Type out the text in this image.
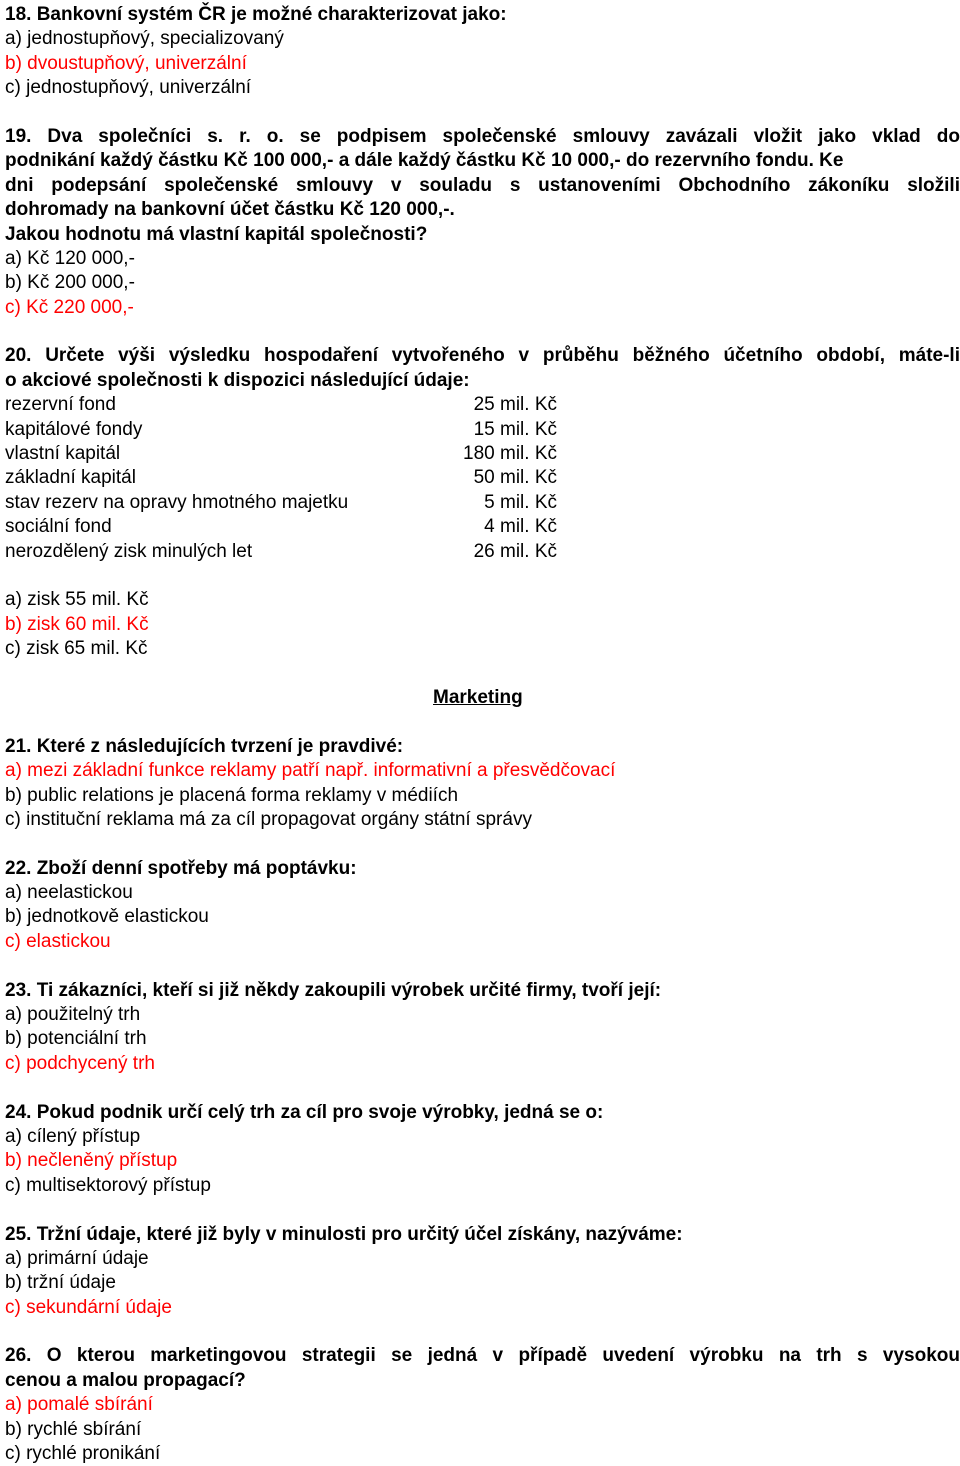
18. Bankovní systém ČR je možné charakterizovat jako:
a) jednostupňový, specializovaný
b) dvoustupňový, univerzální
c) jednostupňový, univerzální
19. Dva společníci s. r. o. se podpisem společenské smlouvy zavázali vložit jako vklad do
podnikání každý částku Kč 100 000,- a dále každý částku Kč 10 000,- do rezervního fondu. Ke
dni podepsání společenské smlouvy v souladu s ustanoveními Obchodního zákoníku složili
dohromady na bankovní účet částku Kč 120 000,-.
Jakou hodnotu má vlastní kapitál společnosti?
a) Kč 120 000,-
b) Kč 200 000,-
c) Kč 220 000,-
20. Určete výši výsledku hospodaření vytvořeného v průběhu běžného účetního období, máte-li
o akciové společnosti k dispozici následující údaje:
rezervní fond	25 mil. Kč
kapitálové fondy	15 mil. Kč
vlastní kapitál	180 mil. Kč
základní kapitál	50 mil. Kč
stav rezerv na opravy hmotného majetku	5 mil. Kč
sociální fond	4 mil. Kč
nerozdělený zisk minulých let	26 mil. Kč
a) zisk 55 mil. Kč
b) zisk 60 mil. Kč
c) zisk 65 mil. Kč
Marketing
21. Které z následujících tvrzení je pravdivé:
a) mezi základní funkce reklamy patří např. informativní a přesvědčovací
b) public relations je placená forma reklamy v médiích
c) instituční reklama má za cíl propagovat orgány státní správy
22. Zboží denní spotřeby má poptávku:
a) neelastickou
b) jednotkově elastickou
c) elastickou
23. Ti zákazníci, kteří si již někdy zakoupili výrobek určité firmy, tvoří její:
a) použitelný trh
b) potenciální trh
c) podchycený trh
24. Pokud podnik určí celý trh za cíl pro svoje výrobky, jedná se o:
a) cílený přístup
b) nečleněný přístup
c) multisektorový přístup
25. Tržní údaje, které již byly v minulosti pro určitý účel získány, nazýváme:
a) primární údaje
b) tržní údaje
c) sekundární údaje
26. O kterou marketingovou strategii se jedná v případě uvedení výrobku na trh s vysokou
cenou a malou propagací?
a) pomalé sbírání
b) rychlé sbírání
c) rychlé pronikání
